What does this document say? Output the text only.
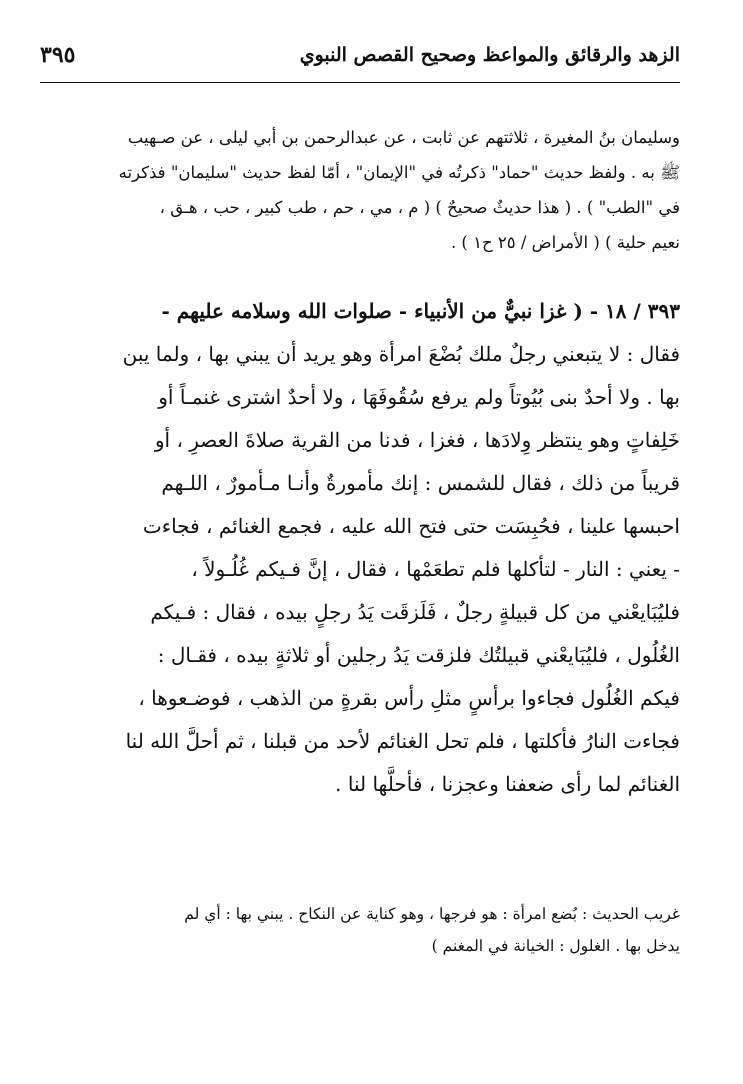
الزهد والرقائق والمواعظ وصحيح القصص النبوي
٣٩٥
وسليمان بنُ المغيرة ، ثلاثتهم عن ثابت ، عن عبدالرحمن بن أبي ليلى ، عن صـهيب
ﷺ به . ولفظ حديث "حماد" ذكرتُه في "الإيمان" ، أمّا لفظ حديث "سليمان" فذكرته
في "الطب" ) . ( هذا حديثٌ صحيحٌ ) ( م ، مي ، حم ، طب كبير ، حب ، هـق ،
نعيم حلية ) ( الأمراض / ٢٥ ح١ ) .
٣٩٣ / ١٨ - ( غزا نبيٌّ من الأنبياء - صلوات الله وسلامه عليهم -
فقال : لا يتبعني رجلٌ ملك بُضْعَ امرأة وهو يريد أن يبني بها ، ولما يبن
بها . ولا أحدٌ بنى بُيُوتاً ولم يرفع سُقُوفَهَا ، ولا أحدٌ اشترى غنمـاً أو
خَلِفاتٍ وهو ينتظر وِلادَها ، فغزا ، فدنا من القرية صلاةَ العصرِ ، أو
قريباً من ذلك ، فقال للشمس : إنك مأمورةٌ وأنـا مـأمورٌ ، اللـهم
احبسها علينا ، فحُبِسَت حتى فتح الله عليه ، فجمع الغنائم ، فجاءت
- يعني : النار - لتأكلها فلم تطعَمْها ، فقال ، إنَّ فـيكم غُلُـولاً ،
فليُبَايعْني من كل قبيلةٍ رجلٌ ، فَلَزقَت يَدُ رجلٍ بيده ، فقال : فـيكم
الغُلُول ، فليُبَايعْني قبيلتُك فلزقت يَدُ رجلين أو ثلاثةٍ بيده ، فقـال :
فيكم الغُلُول فجاءوا برأسٍ مثلِ رأس بقرةٍ من الذهب ، فوضـعوها ،
فجاءت النارُ فأكلتها ، فلم تحل الغنائم لأحد من قبلنا ، ثم أحلَّ الله لنا
الغنائم لما رأى ضعفنا وعجزنا ، فأحلَّها لنا .
غريب الحديث : بُضع امرأة : هو فرجها ، وهو كناية عن النكاح . يبني بها : أي لم
يدخل بها . الغلول : الخيانة في المغنم )
